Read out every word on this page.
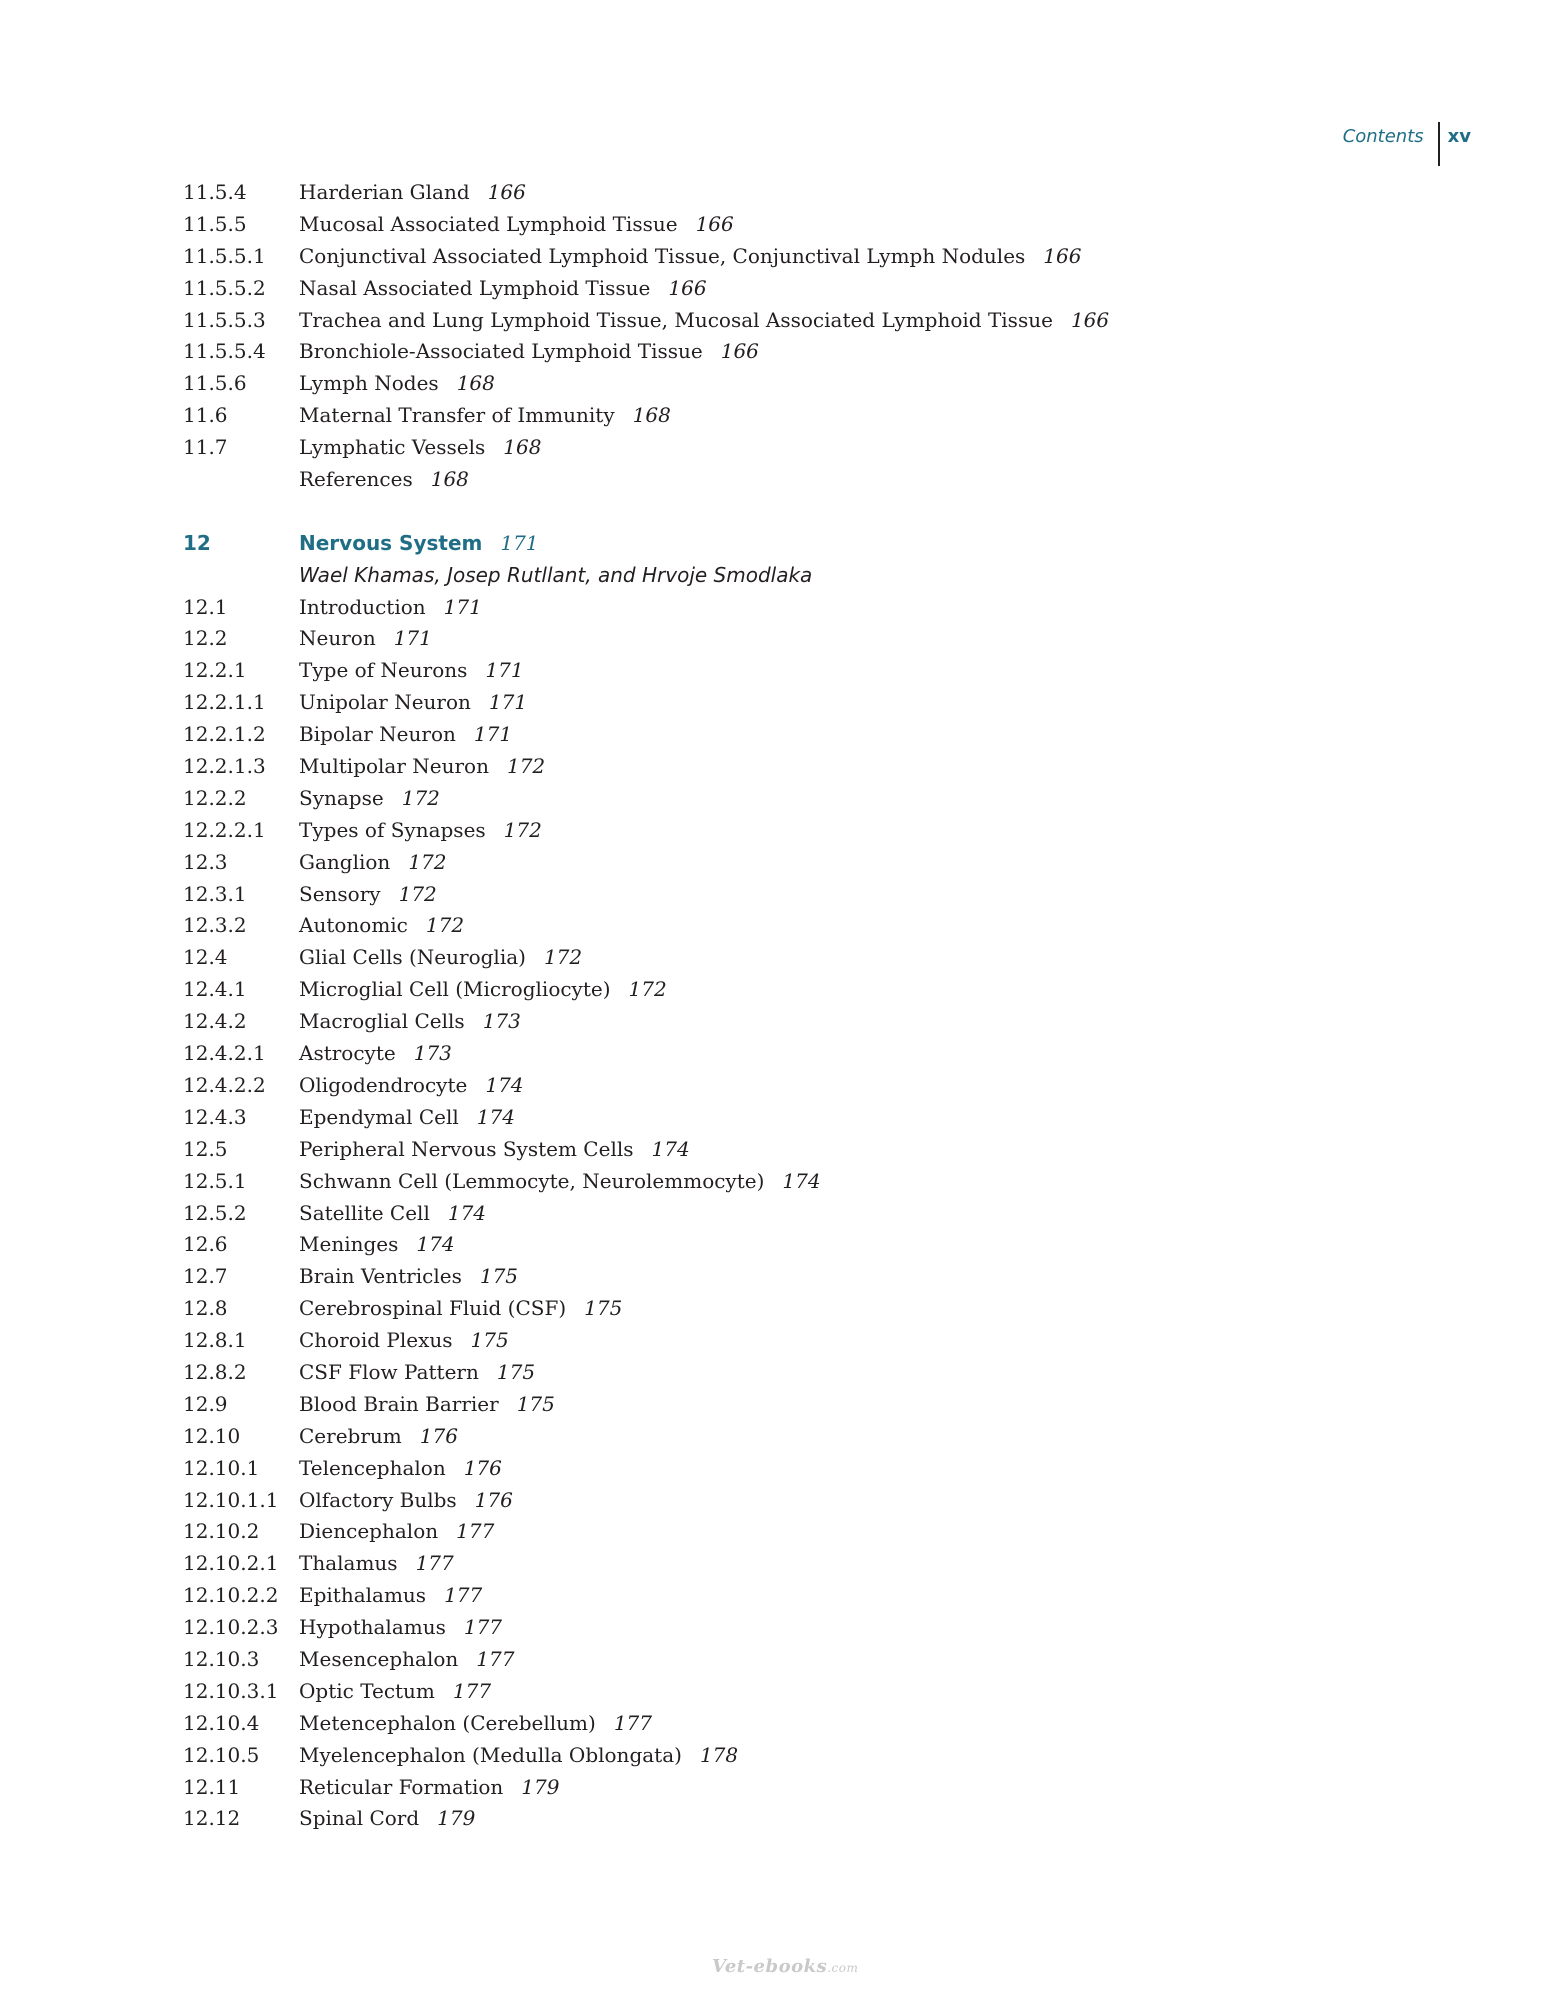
Contents	xv
11.5.4	Harderian Gland 166
11.5.5	Mucosal Associated Lymphoid Tissue 166
11.5.5.1	Conjunctival Associated Lymphoid Tissue, Conjunctival Lymph Nodules 166
11.5.5.2	Nasal Associated Lymphoid Tissue 166
11.5.5.3	Trachea and Lung Lymphoid Tissue, Mucosal Associated Lymphoid Tissue 166
11.5.5.4	Bronchiole-Associated Lymphoid Tissue 166
11.5.6	Lymph Nodes 168
11.6	Maternal Transfer of Immunity 168
11.7	Lymphatic Vessels 168
References 168
12	Nervous System 171
Wael Khamas, Josep Rutllant, and Hrvoje Smodlaka
12.1	Introduction 171
12.2	Neuron 171
12.2.1	Type of Neurons 171
12.2.1.1	Unipolar Neuron 171
12.2.1.2	Bipolar Neuron 171
12.2.1.3	Multipolar Neuron 172
12.2.2	Synapse 172
12.2.2.1	Types of Synapses 172
12.3	Ganglion 172
12.3.1	Sensory 172
12.3.2	Autonomic 172
12.4	Glial Cells (Neuroglia) 172
12.4.1	Microglial Cell (Microgliocyte) 172
12.4.2	Macroglial Cells 173
12.4.2.1	Astrocyte 173
12.4.2.2	Oligodendrocyte 174
12.4.3	Ependymal Cell 174
12.5	Peripheral Nervous System Cells 174
12.5.1	Schwann Cell (Lemmocyte, Neurolemmocyte) 174
12.5.2	Satellite Cell 174
12.6	Meninges 174
12.7	Brain Ventricles 175
12.8	Cerebrospinal Fluid (CSF) 175
12.8.1	Choroid Plexus 175
12.8.2	CSF Flow Pattern 175
12.9	Blood Brain Barrier 175
12.10	Cerebrum 176
12.10.1	Telencephalon 176
12.10.1.1	Olfactory Bulbs 176
12.10.2	Diencephalon 177
12.10.2.1	Thalamus 177
12.10.2.2	Epithalamus 177
12.10.2.3	Hypothalamus 177
12.10.3	Mesencephalon 177
12.10.3.1	Optic Tectum 177
12.10.4	Metencephalon (Cerebellum) 177
12.10.5	Myelencephalon (Medulla Oblongata) 178
12.11	Reticular Formation 179
12.12	Spinal Cord 179
Vet-ebooks.com
